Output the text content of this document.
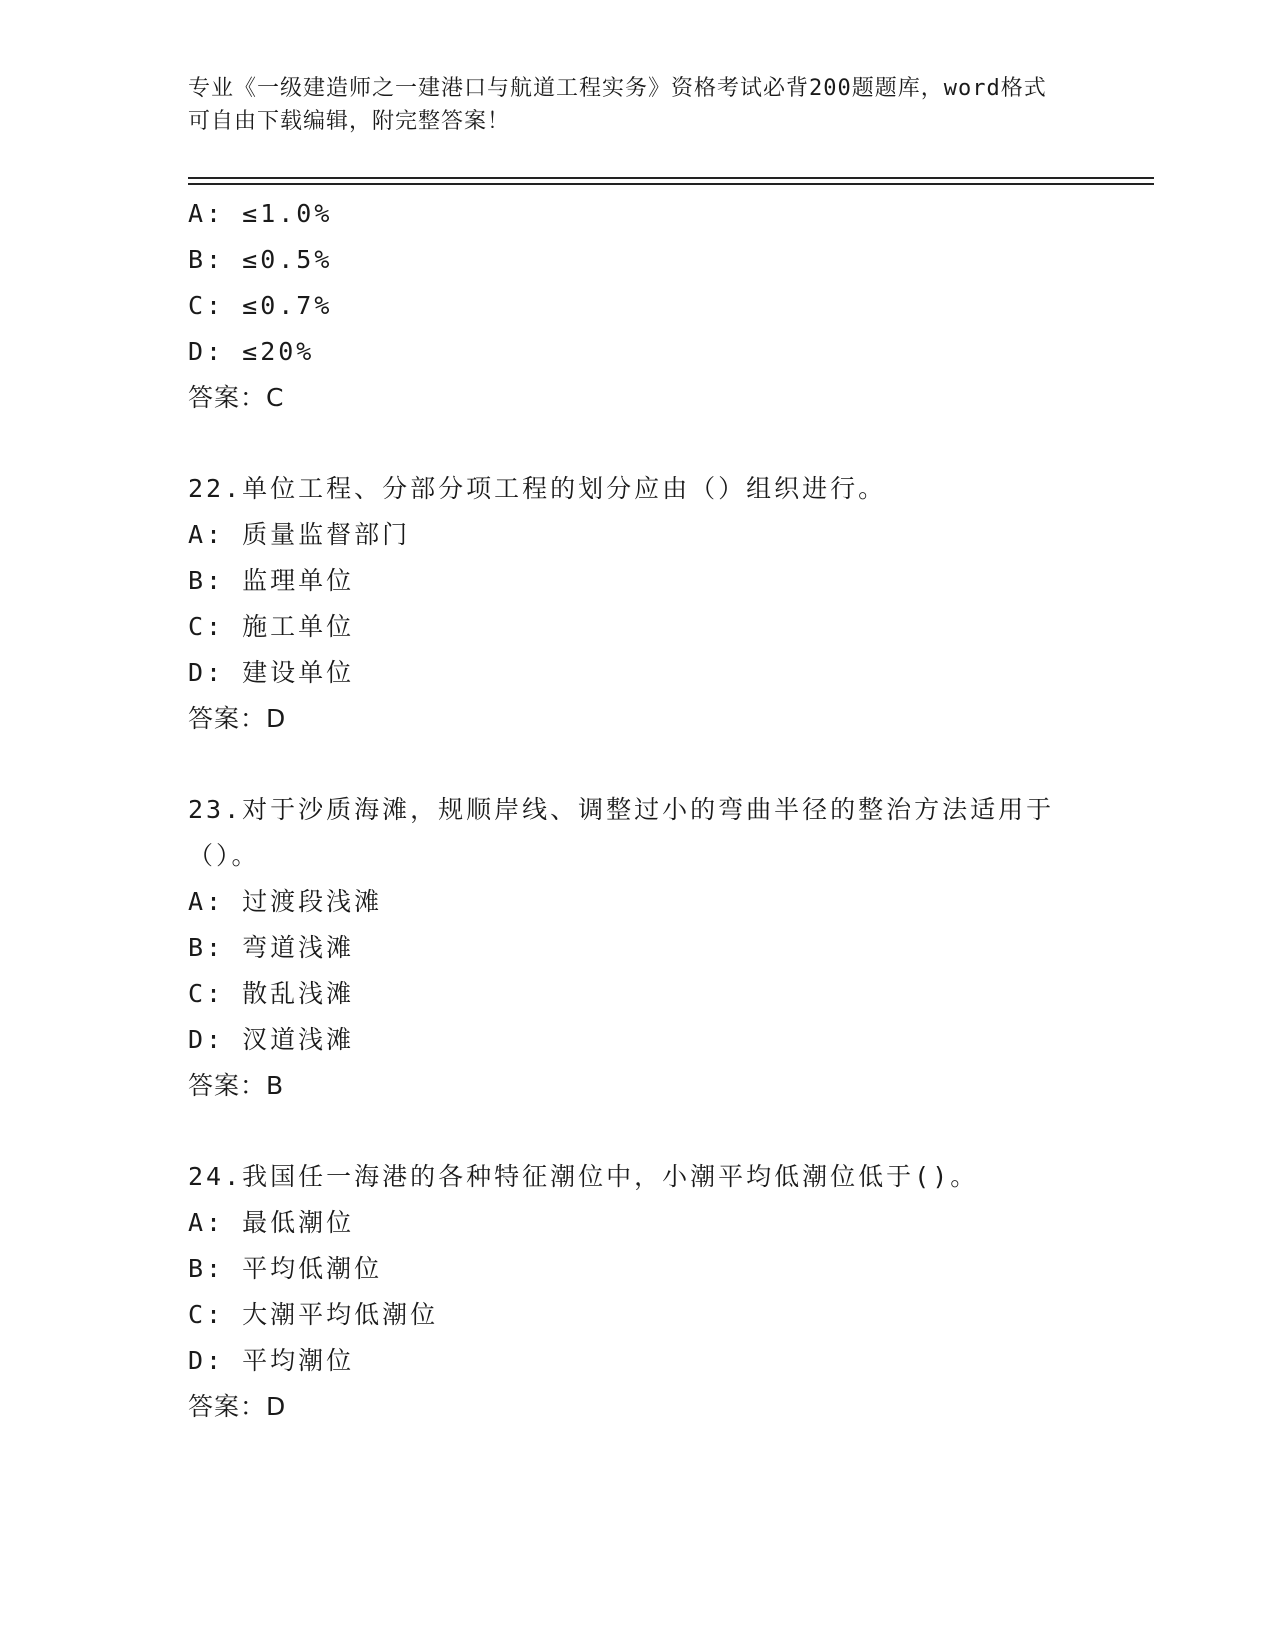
专业《一级建造师之一建港口与航道工程实务》资格考试必背200题题库，word格式可自由下载编辑，附完整答案！
A: ≤1.0%
B: ≤0.5%
C: ≤0.7%
D: ≤20%
答案：C
22.单位工程、分部分项工程的划分应由（）组织进行。
A: 质量监督部门
B: 监理单位
C: 施工单位
D: 建设单位
答案：D
23.对于沙质海滩，规顺岸线、调整过小的弯曲半径的整治方法适用于（）。
A: 过渡段浅滩
B: 弯道浅滩
C: 散乱浅滩
D: 汊道浅滩
答案：B
24.我国任一海港的各种特征潮位中，小潮平均低潮位低于()。
A: 最低潮位
B: 平均低潮位
C: 大潮平均低潮位
D: 平均潮位
答案：D
